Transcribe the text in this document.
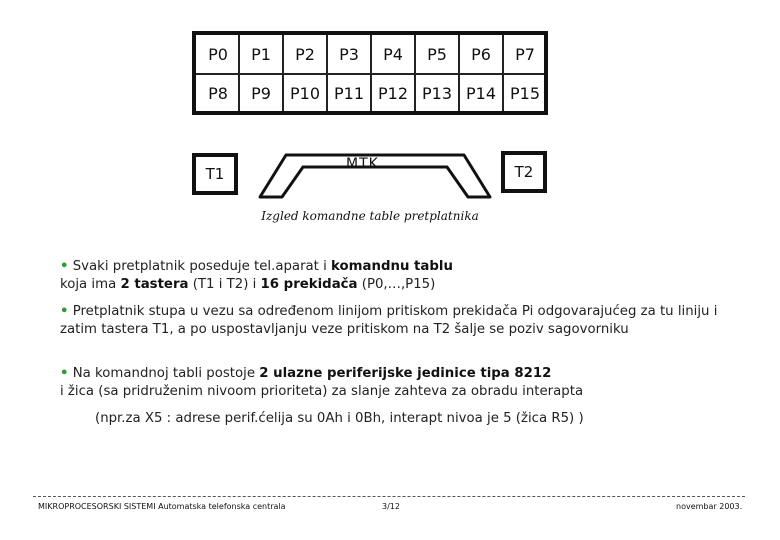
P0	P1	P2	P3	P4	P5	P6	P7
P8	P9	P10 P11 P12 P13 P14 P15
T1	T2
MTK
Izgled komandne table pretplatnika
• Svaki pretplatnik poseduje tel.aparat i komandnu tablu
koja ima 2 tastera (T1 i T2) i 16 prekidača (P0,…,P15)
• Pretplatnik stupa u vezu sa određenom linijom pritiskom prekidača Pi odgovarajućeg za tu liniju i zatim tastera T1, a po uspostavljanju veze pritiskom na T2 šalje se poziv sagovorniku
• Na komandnoj tabli postoje 2 ulazne periferijske jedinice tipa 8212
i žica (sa pridruženim nivoom prioriteta) za slanje zahteva za obradu interapta
(npr.za X5 : adrese perif.ćelija su 0Ah i 0Bh, interapt nivoa je 5 (žica R5) )
MIKROPROCESORSKI SISTEMI Automatska telefonska centrala	3/12	novembar 2003.
